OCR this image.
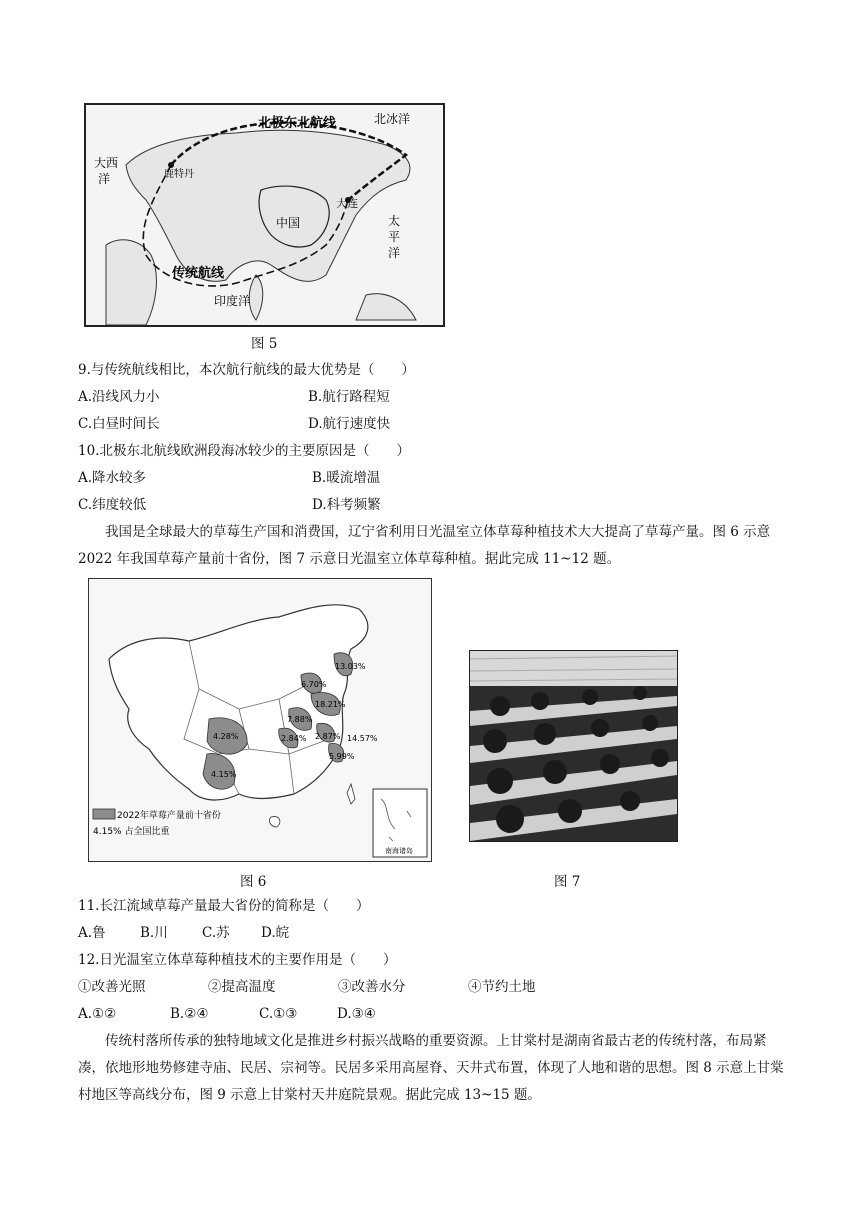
北极东北航线	北冰洋
大西
洋	鹿特丹
中国
大连
太
平
洋
传统航线
印度洋
图 5
9.与传统航线相比，本次航行航线的最大优势是（　　）
A.沿线风力小	B.航行路程短
C.白昼时间长	D.航行速度快
10.北极东北航线欧洲段海冰较少的主要原因是（　　）
A.降水较多	B.暖流增温
C.纬度较低	D.科考频繁
我国是全球最大的草莓生产国和消费国，辽宁省利用日光温室立体草莓种植技术大大提高了草莓产量。图 6 示意 2022 年我国草莓产量前十省份，图 7 示意日光温室立体草莓种植。据此完成 11~12 题。
13.03%
6.70%
18.21%
14.57%
7.88%
4.28%	2.84% 2.87%
5.99%
4.15%
2022年草莓产量前十省份
4.15% 占全国比重
南海诸岛
图 6	图 7
11.长江流域草莓产量最大省份的简称是（　　）
A.鲁	B.川	C.苏 D.皖
12.日光温室立体草莓种植技术的主要作用是（　　）
①改善光照	②提高温度	③改善水分	④节约土地
A.①②	B.②④	C.①③	D.③④
传统村落所传承的独特地域文化是推进乡村振兴战略的重要资源。上甘棠村是湖南省最古老的传统村落，布局紧凑，依地形地势修建寺庙、民居、宗祠等。民居多采用高屋脊、天井式布置，体现了人地和谐的思想。图 8 示意上甘棠村地区等高线分布，图 9 示意上甘棠村天井庭院景观。据此完成 13~15 题。
